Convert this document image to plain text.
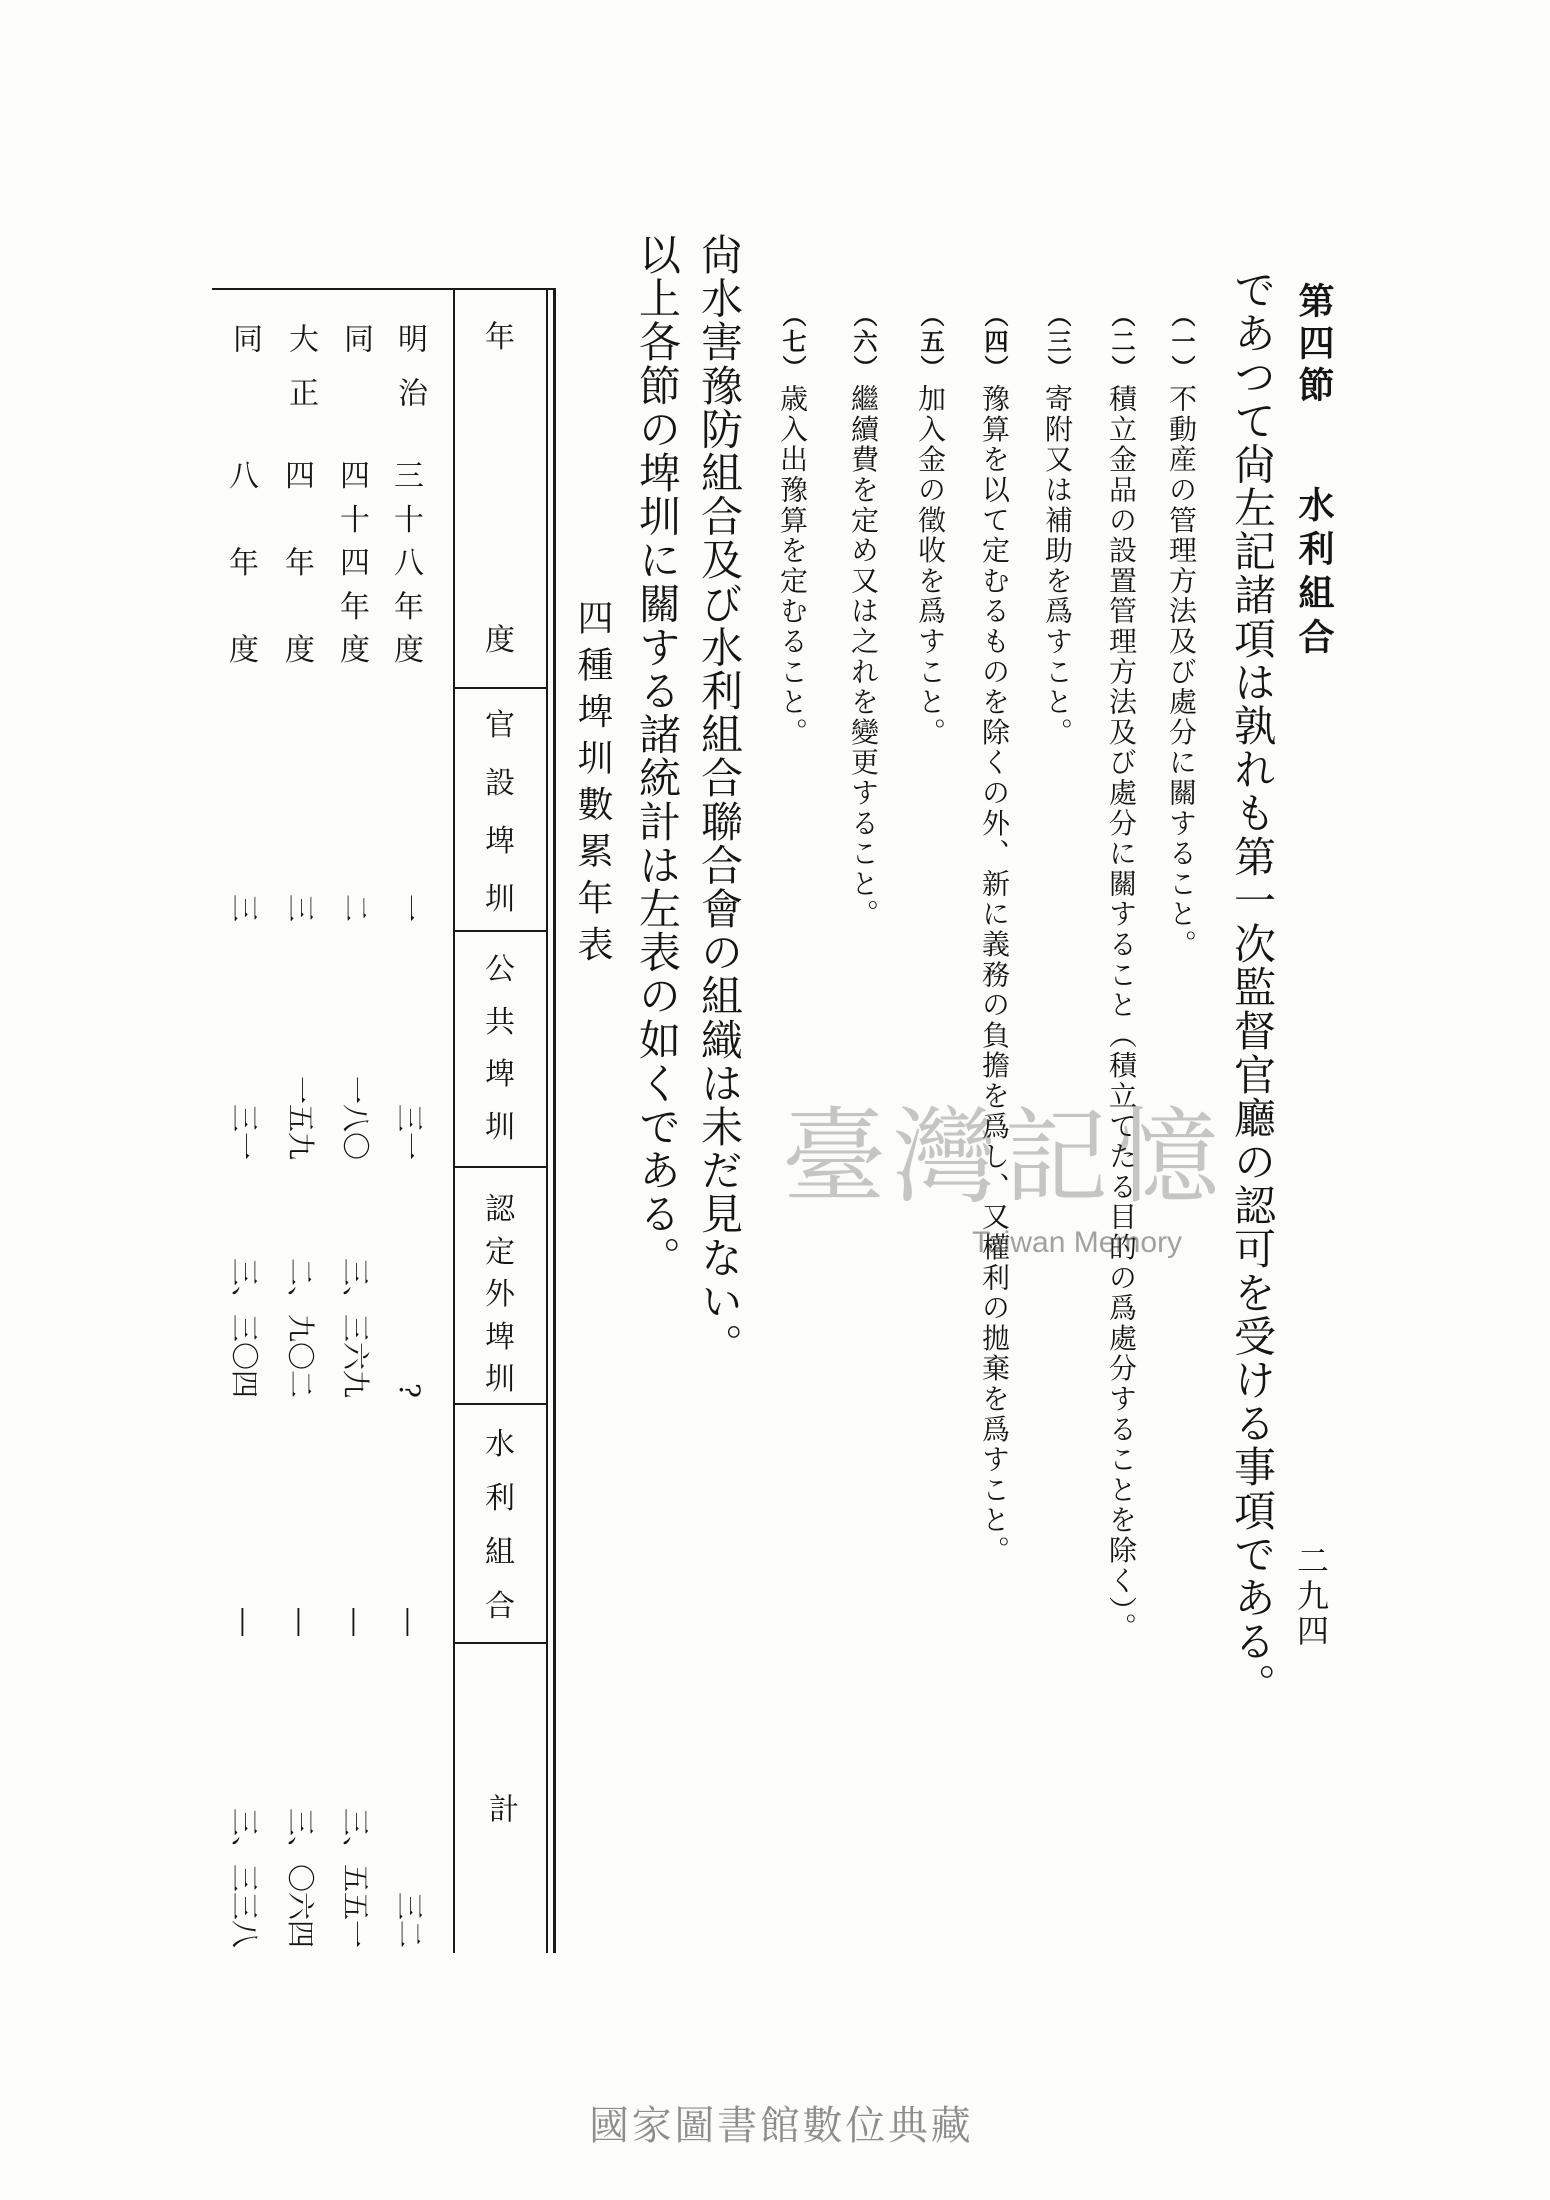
第四節
水利組合
二九四
であつて尙左記諸項は孰れも第一次監督官廳の認可を受ける事項である。
（一）
不動産の管理方法及び處分に關すること。
（二）
積立金品の設置管理方法及び處分に關すること（積立てたる目的の爲處分することを除く）。
（三）
寄附又は補助を爲すこと。
（四）
豫算を以て定むるものを除くの外、新に義務の負擔を爲し、又權利の拋棄を爲すこと。
（五）
加入金の徵收を爲すこと。
（六）
繼續費を定め又は之れを變更すること。
（七）
歳入出豫算を定むること。
尙水害豫防組合及び水利組合聯合會の組織は未だ見ない。
以上各節の埤圳に關する諸統計は左表の如くである。
四種埤圳數累年表
年
度
官
設
埤
圳
公
共
埤
圳
認
定
外
埤
圳
水
利
組
合
計
明治
三
十
八
年
度
一
三一
?
―
三二
同
四
十
四
年
度
二
一八〇
三、三六九
―
三、五五一
大正
四
年
度
三
一五九
二、九〇二
―
三、〇六四
同
八
年
度
三
三一
三、三〇四
―
三、三三八
臺灣記憶
Taiwan Memory
國家圖書館數位典藏
